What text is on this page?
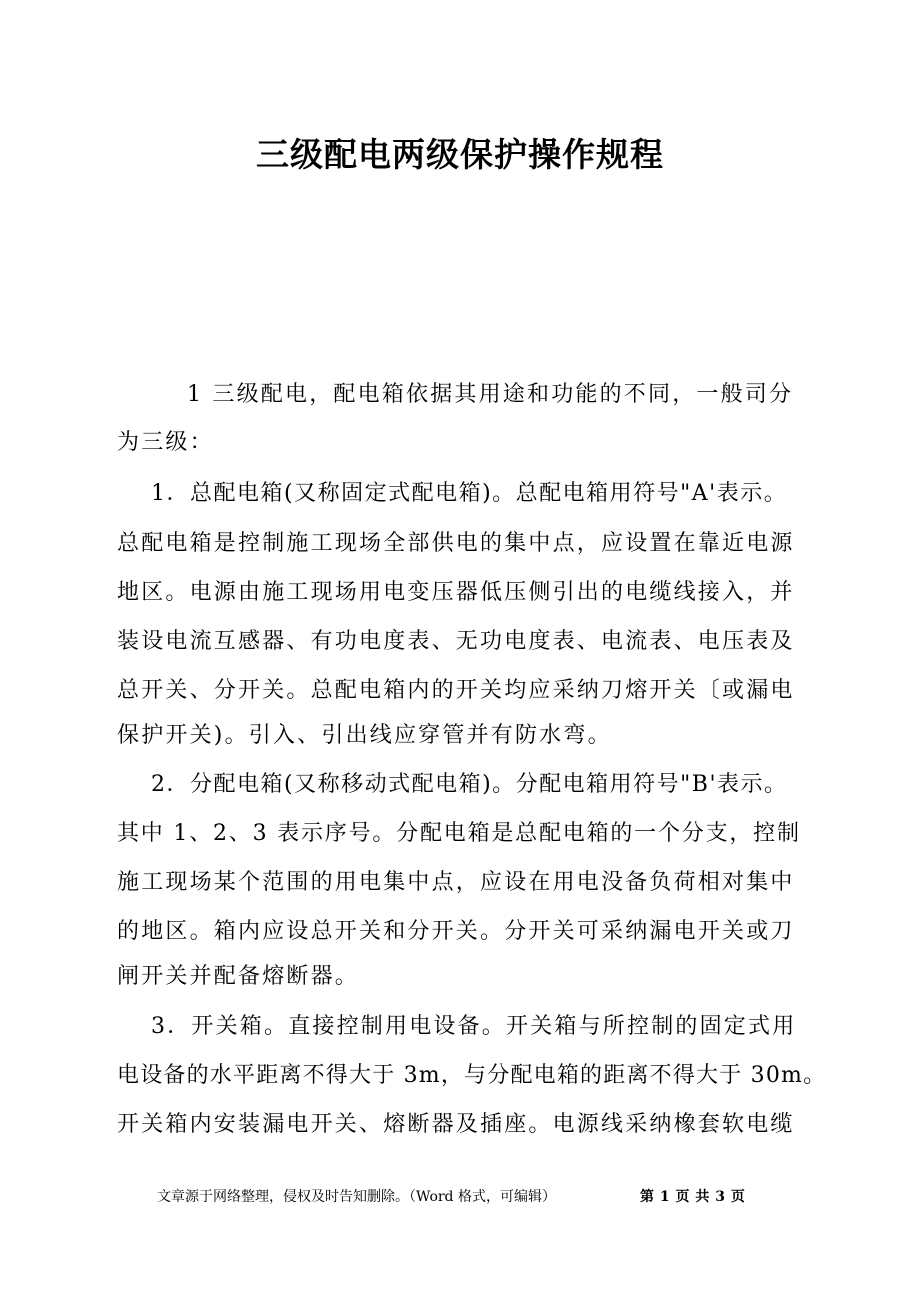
三级配电两级保护操作规程
1 三级配电，配电箱依据其用途和功能的不同，一般司分
为三级：
1．总配电箱(又称固定式配电箱)。总配电箱用符号"A'表示。
总配电箱是控制施工现场全部供电的集中点，应设置在靠近电源
地区。电源由施工现场用电变压器低压侧引出的电缆线接入，并
装设电流互感器、有功电度表、无功电度表、电流表、电压表及
总开关、分开关。总配电箱内的开关均应采纳刀熔开关〔或漏电
保护开关)。引入、引出线应穿管并有防水弯。
2．分配电箱(又称移动式配电箱)。分配电箱用符号"B'表示。
其中 1、2、3 表示序号。分配电箱是总配电箱的一个分支，控制
施工现场某个范围的用电集中点，应设在用电没备负荷相对集中
的地区。箱内应设总开关和分开关。分开关可采纳漏电开关或刀
闸开关并配备熔断器。
3．开关箱。直接控制用电设备。开关箱与所控制的固定式用
电设备的水平距离不得大于 3m，与分配电箱的距离不得大于 30m。
开关箱内安装漏电开关、熔断器及插座。电源线采纳橡套软电缆
文章源于网络整理，侵权及时告知删除。（Word 格式，可编辑）	第 1 页 共 3 页
